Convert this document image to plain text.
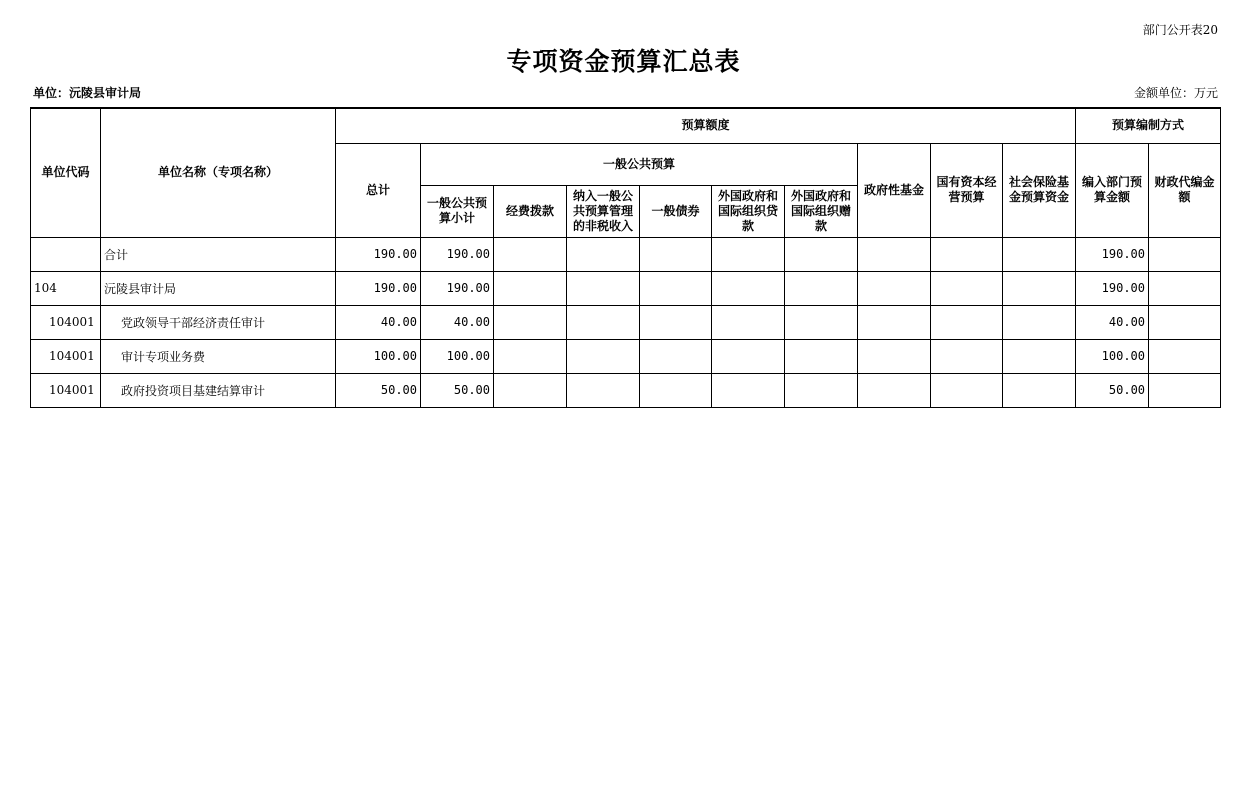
部门公开表20
专项资金预算汇总表
单位：沅陵县审计局	金额单位：万元
单位代码	单位名称（专项名称）	预算额度										预算编制方式	
		总计	一般公共预算						政府性基金	国有资本经营预算	社会保险基金预算资金	编入部门预算金额	财政代编金额
			一般公共预算小计	经费拨款	纳入一般公共预算管理的非税收入	一般债券	外国政府和国际组织贷款	外国政府和国际组织赠款					
	合计	190.00	190.00									190.00	
104	沅陵县审计局	190.00	190.00									190.00	
104001	党政领导干部经济责任审计	40.00	40.00									40.00	
104001	审计专项业务费	100.00	100.00									100.00	
104001	政府投资项目基建结算审计	50.00	50.00									50.00	
